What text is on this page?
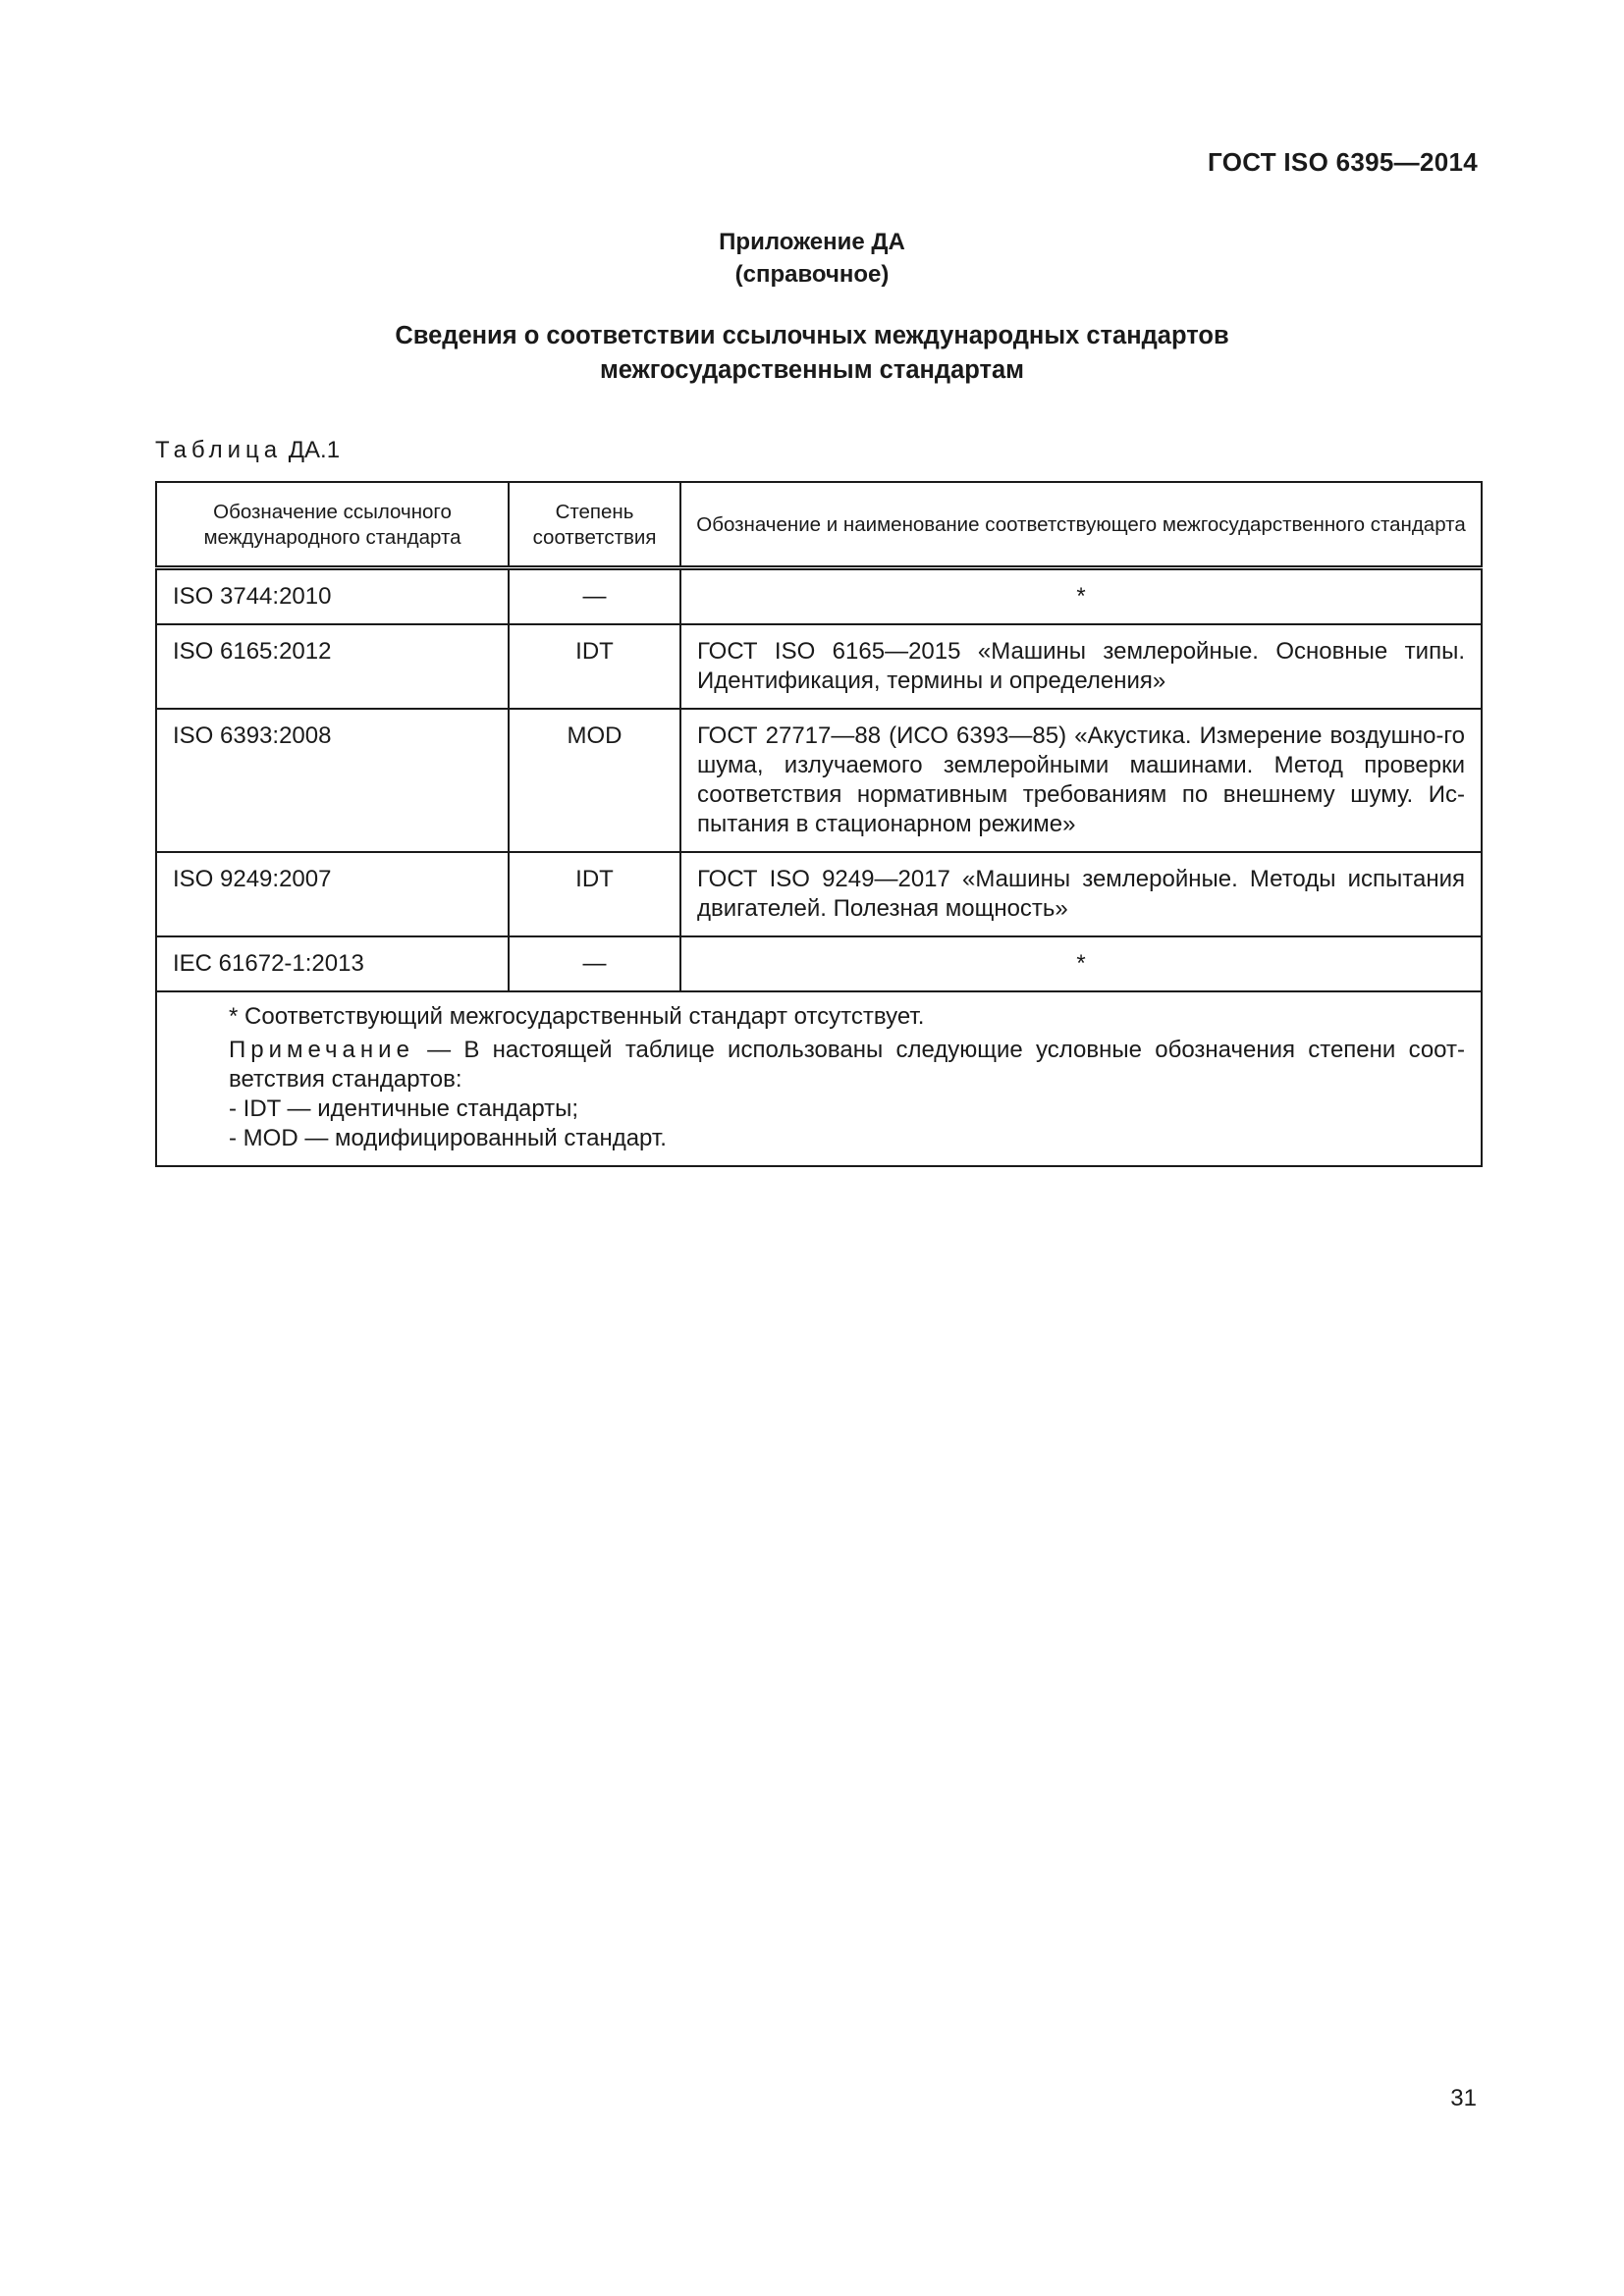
ГОСТ ISO 6395—2014
Приложение ДА
(справочное)
Сведения о соответствии ссылочных международных стандартов
межгосударственным стандартам
Таблица ДА.1
Обозначение ссылочного международного стандарта	Степень соответствия	Обозначение и наименование соответствующего межгосударственного стандарта
ISO 3744:2010	—	*
ISO 6165:2012	IDT	ГОСТ ISO 6165—2015 «Машины землеройные. Основные типы. Идентификация, термины и определения»
ISO 6393:2008	MOD	ГОСТ 27717—88 (ИСО 6393—85) «Акустика. Измерение воздушно-го шума, излучаемого землеройными машинами. Метод проверки соответствия нормативным требованиям по внешнему шуму. Ис-пытания в стационарном режиме»
ISO 9249:2007	IDT	ГОСТ ISO 9249—2017 «Машины землеройные. Методы испытания двигателей. Полезная мощность»
IEC 61672-1:2013	—	*

* Соответствующий межгосударственный стандарт отсутствует.
Примечание — В настоящей таблице использованы следующие условные обозначения степени соот-ветствия стандартов:
- IDT — идентичные стандарты;
- MOD — модифицированный стандарт.		
31
